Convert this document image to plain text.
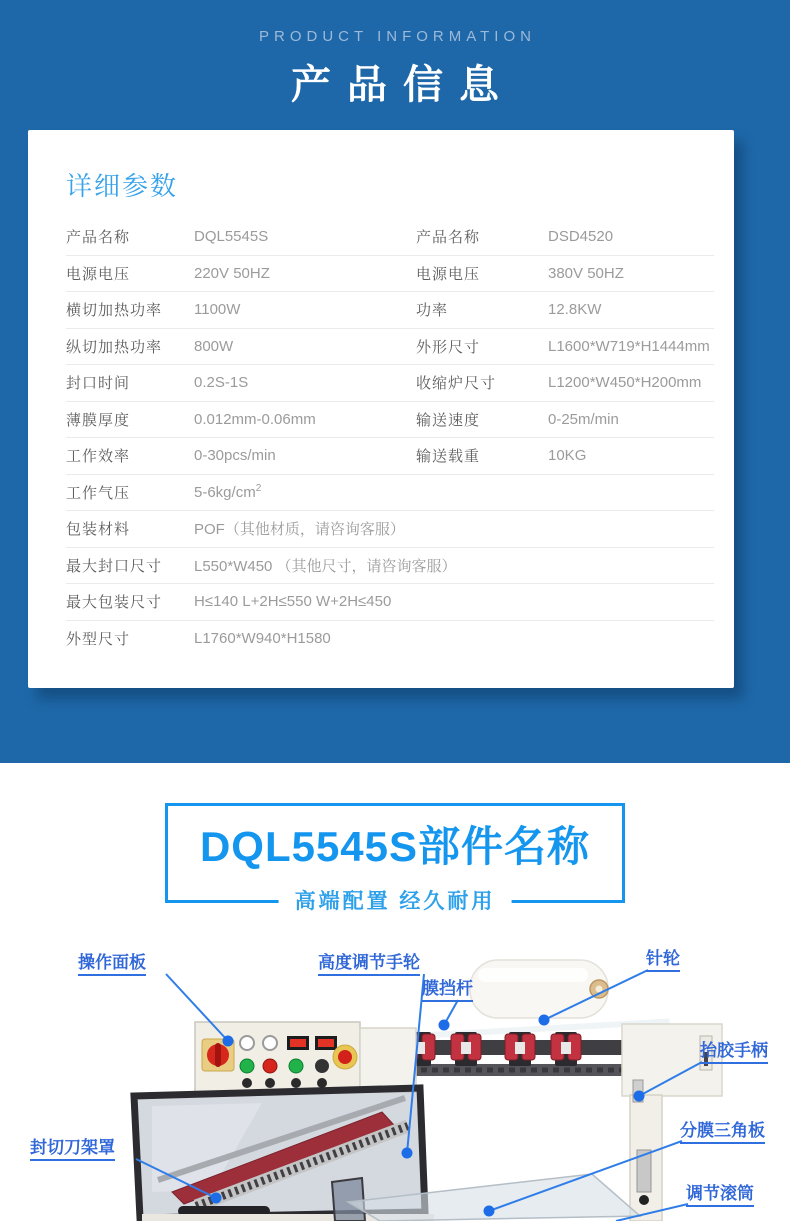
PRODUCT INFORMATION
产品信息
详细参数
产品名称	DQL5545S	产品名称	DSD4520
电源电压	220V 50HZ	电源电压	380V 50HZ
横切加热功率	1100W	功率	12.8KW
纵切加热功率	800W	外形尺寸	L1600*W719*H1444mm
封口时间	0.2S-1S	收缩炉尺寸	L1200*W450*H200mm
薄膜厚度	0.012mm-0.06mm	输送速度	0-25m/min
工作效率	0-30pcs/min	输送载重	10KG
工作气压	$5-6kg/cm^2$
包装材料	POF（其他材质，请咨询客服）
最大封口尺寸	L550*W450 （其他尺寸，请咨询客服）
最大包装尺寸	H≤140 L+2H≤550 W+2H≤450
外型尺寸	L1760*W940*H1580
DQL5545S部件名称
高端配置 经久耐用
操作面板	高度调节手轮
膜挡杆
针轮
抬胶手柄
封切刀架罩
分膜三角板
调节滚筒
